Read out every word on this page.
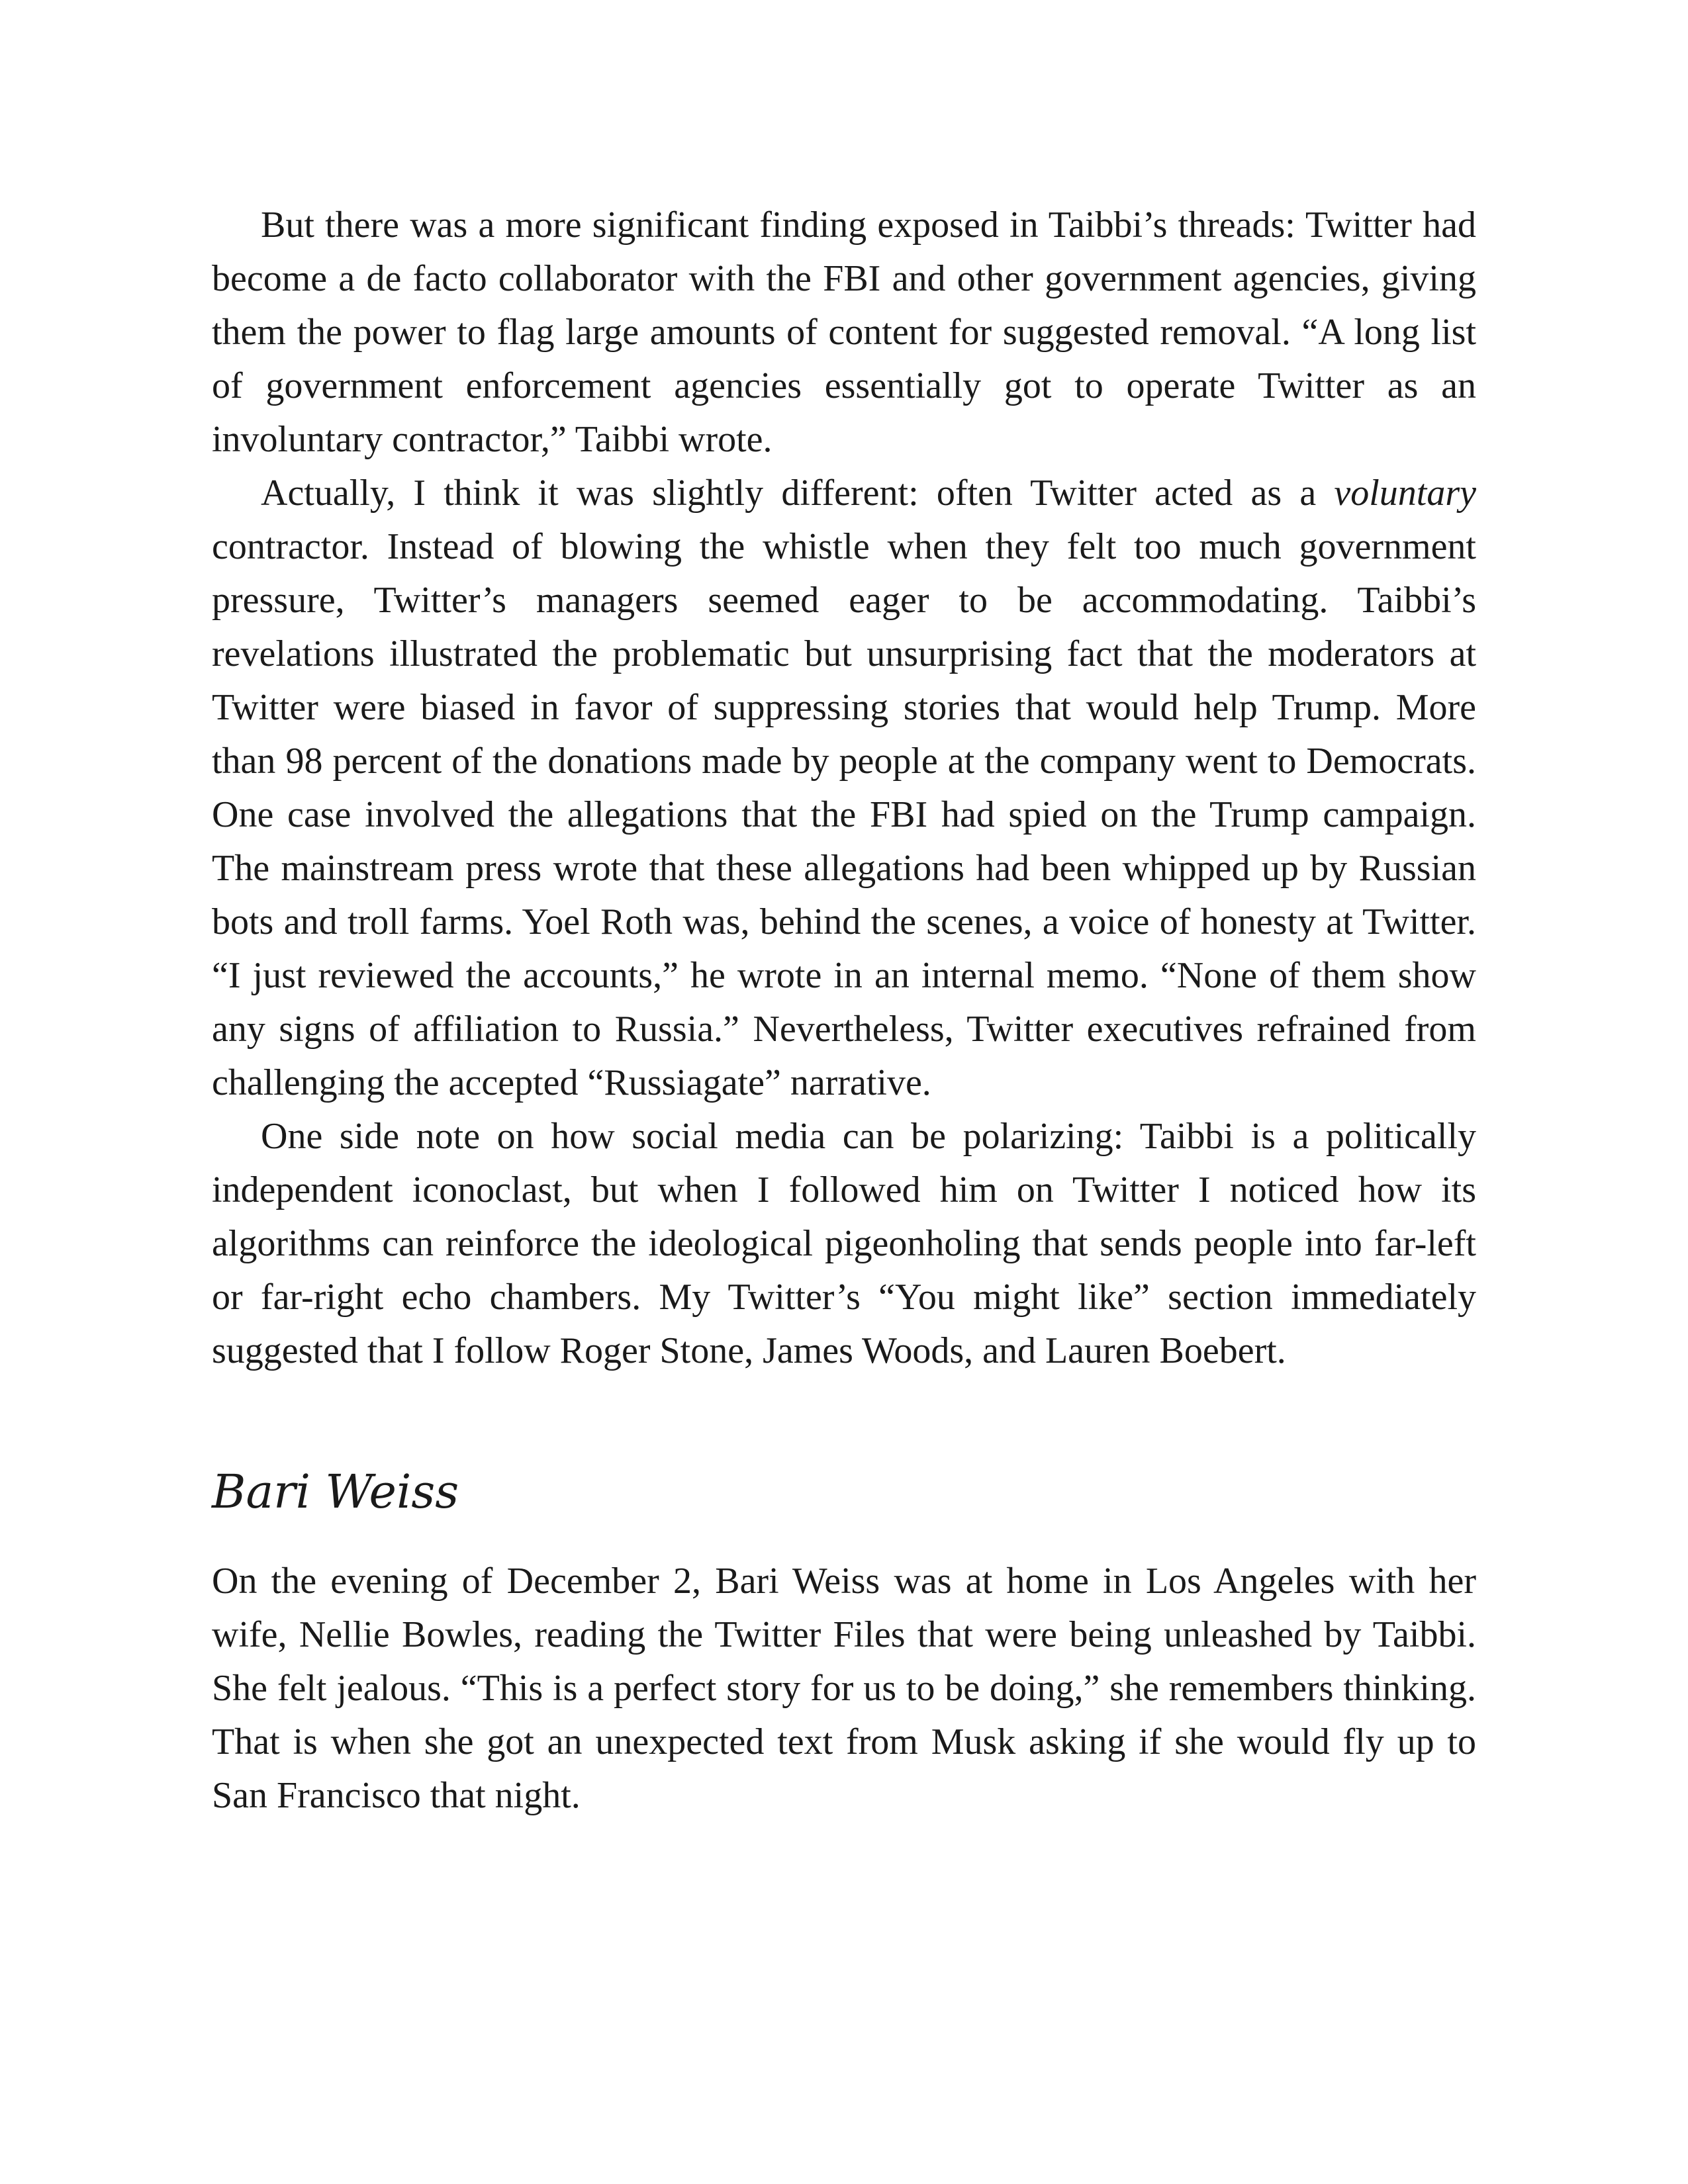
But there was a more significant finding exposed in Taibbi’s threads: Twitter had become a de facto collaborator with the FBI and other government agencies, giving them the power to flag large amounts of content for suggested removal. “A long list of government enforcement agencies essentially got to operate Twitter as an involuntary contractor,” Taibbi wrote.

Actually, I think it was slightly different: often Twitter acted as a voluntary contractor. Instead of blowing the whistle when they felt too much government pressure, Twitter’s managers seemed eager to be accommodating. Taibbi’s revelations illustrated the problematic but unsurprising fact that the moderators at Twitter were biased in favor of suppressing stories that would help Trump. More than 98 percent of the donations made by people at the company went to Democrats. One case involved the allegations that the FBI had spied on the Trump campaign. The mainstream press wrote that these allegations had been whipped up by Russian bots and troll farms. Yoel Roth was, behind the scenes, a voice of honesty at Twitter. “I just reviewed the accounts,” he wrote in an internal memo. “None of them show any signs of affiliation to Russia.” Nevertheless, Twitter executives refrained from challenging the accepted “Russiagate” narrative.

One side note on how social media can be polarizing: Taibbi is a politically independent iconoclast, but when I followed him on Twitter I noticed how its algorithms can reinforce the ideological pigeonholing that sends people into far-left or far-right echo chambers. My Twitter’s “You might like” section immediately suggested that I follow Roger Stone, James Woods, and Lauren Boebert.

Bari Weiss

On the evening of December 2, Bari Weiss was at home in Los Angeles with her wife, Nellie Bowles, reading the Twitter Files that were being unleashed by Taibbi. She felt jealous. “This is a perfect story for us to be doing,” she remembers thinking. That is when she got an unexpected text from Musk asking if she would fly up to San Francisco that night.
